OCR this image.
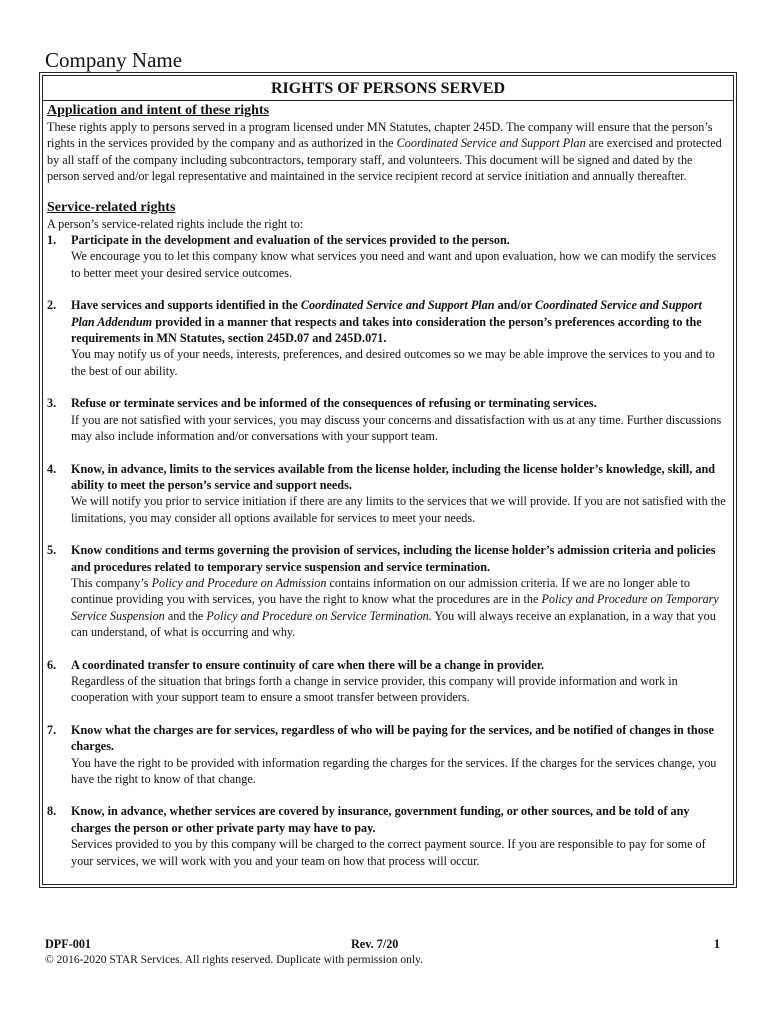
Company Name
RIGHTS OF PERSONS SERVED
Application and intent of these rights

These rights apply to persons served in a program licensed under MN Statutes, chapter 245D. The company will ensure that the person’s rights in the services provided by the company and as authorized in the Coordinated Service and Support Plan are exercised and protected by all staff of the company including subcontractors, temporary staff, and volunteers. This document will be signed and dated by the person served and/or legal representative and maintained in the service recipient record at service initiation and annually thereafter.

Service-related rights

A person’s service-related rights include the right to:

1. Participate in the development and evaluation of the services provided to the person.
We encourage you to let this company know what services you need and want and upon evaluation, how we can modify the services to better meet your desired service outcomes.
2. Have services and supports identified in the Coordinated Service and Support Plan and/or Coordinated Service and Support Plan Addendum provided in a manner that respects and takes into consideration the person’s preferences according to the requirements in MN Statutes, section 245D.07 and 245D.071.
You may notify us of your needs, interests, preferences, and desired outcomes so we may be able improve the services to you and to the best of our ability.
3. Refuse or terminate services and be informed of the consequences of refusing or terminating services.
If you are not satisfied with your services, you may discuss your concerns and dissatisfaction with us at any time. Further discussions may also include information and/or conversations with your support team.
4. Know, in advance, limits to the services available from the license holder, including the license holder’s knowledge, skill, and ability to meet the person’s service and support needs.
We will notify you prior to service initiation if there are any limits to the services that we will provide. If you are not satisfied with the limitations, you may consider all options available for services to meet your needs.
5. Know conditions and terms governing the provision of services, including the license holder’s admission criteria and policies and procedures related to temporary service suspension and service termination.
This company’s Policy and Procedure on Admission contains information on our admission criteria. If we are no longer able to continue providing you with services, you have the right to know what the procedures are in the Policy and Procedure on Temporary Service Suspension and the Policy and Procedure on Service Termination. You will always receive an explanation, in a way that you can understand, of what is occurring and why.
6. A coordinated transfer to ensure continuity of care when there will be a change in provider.
Regardless of the situation that brings forth a change in service provider, this company will provide information and work in cooperation with your support team to ensure a smoot transfer between providers.
7. Know what the charges are for services, regardless of who will be paying for the services, and be notified of changes in those charges.
You have the right to be provided with information regarding the charges for the services. If the charges for the services change, you have the right to know of that change.
8. Know, in advance, whether services are covered by insurance, government funding, or other sources, and be told of any charges the person or other private party may have to pay.
Services provided to you by this company will be charged to the correct payment source. If you are responsible to pay for some of your services, we will work with you and your team on how that process will occur.
DPF-001	Rev. 7/20	1
© 2016-2020 STAR Services. All rights reserved. Duplicate with permission only.
